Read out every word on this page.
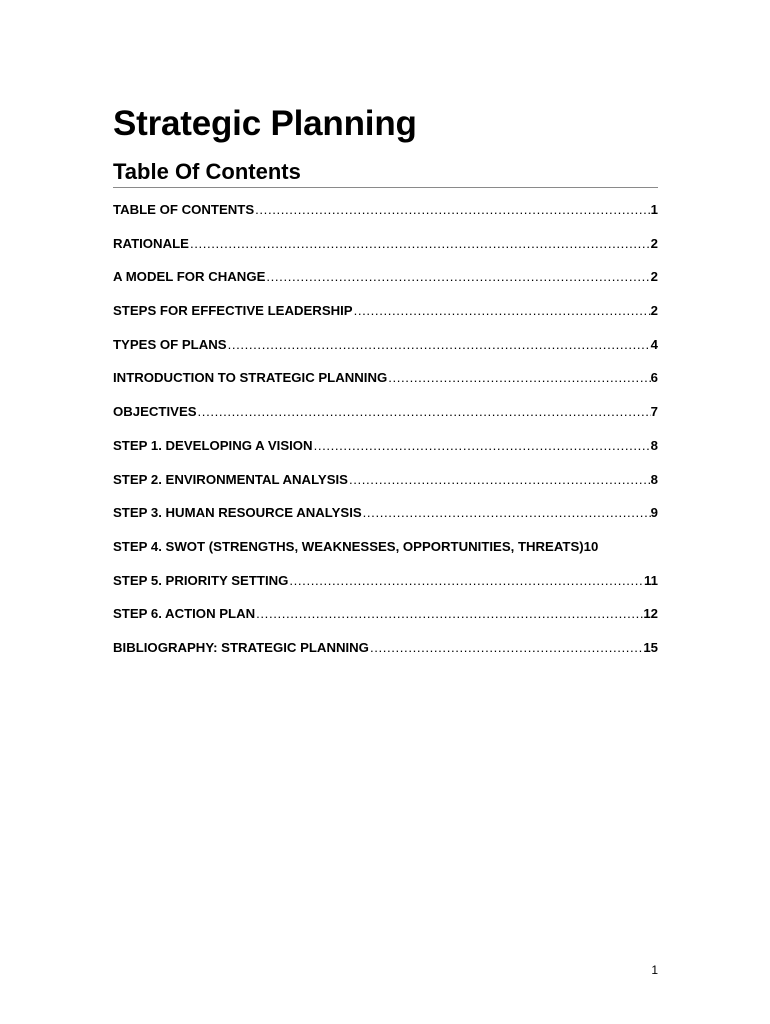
Strategic Planning
Table Of Contents
TABLE OF CONTENTS .....	1
RATIONALE .....	2
A MODEL FOR CHANGE .....	2
STEPS FOR EFFECTIVE LEADERSHIP .....	2
TYPES OF PLANS .....	4
INTRODUCTION TO STRATEGIC PLANNING .....	6
OBJECTIVES .....	7
STEP 1. DEVELOPING A VISION .....	8
STEP 2. ENVIRONMENTAL ANALYSIS .....	8
STEP 3. HUMAN RESOURCE ANALYSIS .....	9
STEP 4. SWOT (STRENGTHS, WEAKNESSES, OPPORTUNITIES, THREATS) 10
STEP 5. PRIORITY SETTING .....	11
STEP 6. ACTION PLAN .....	12
BIBLIOGRAPHY: STRATEGIC PLANNING .....	15
1
